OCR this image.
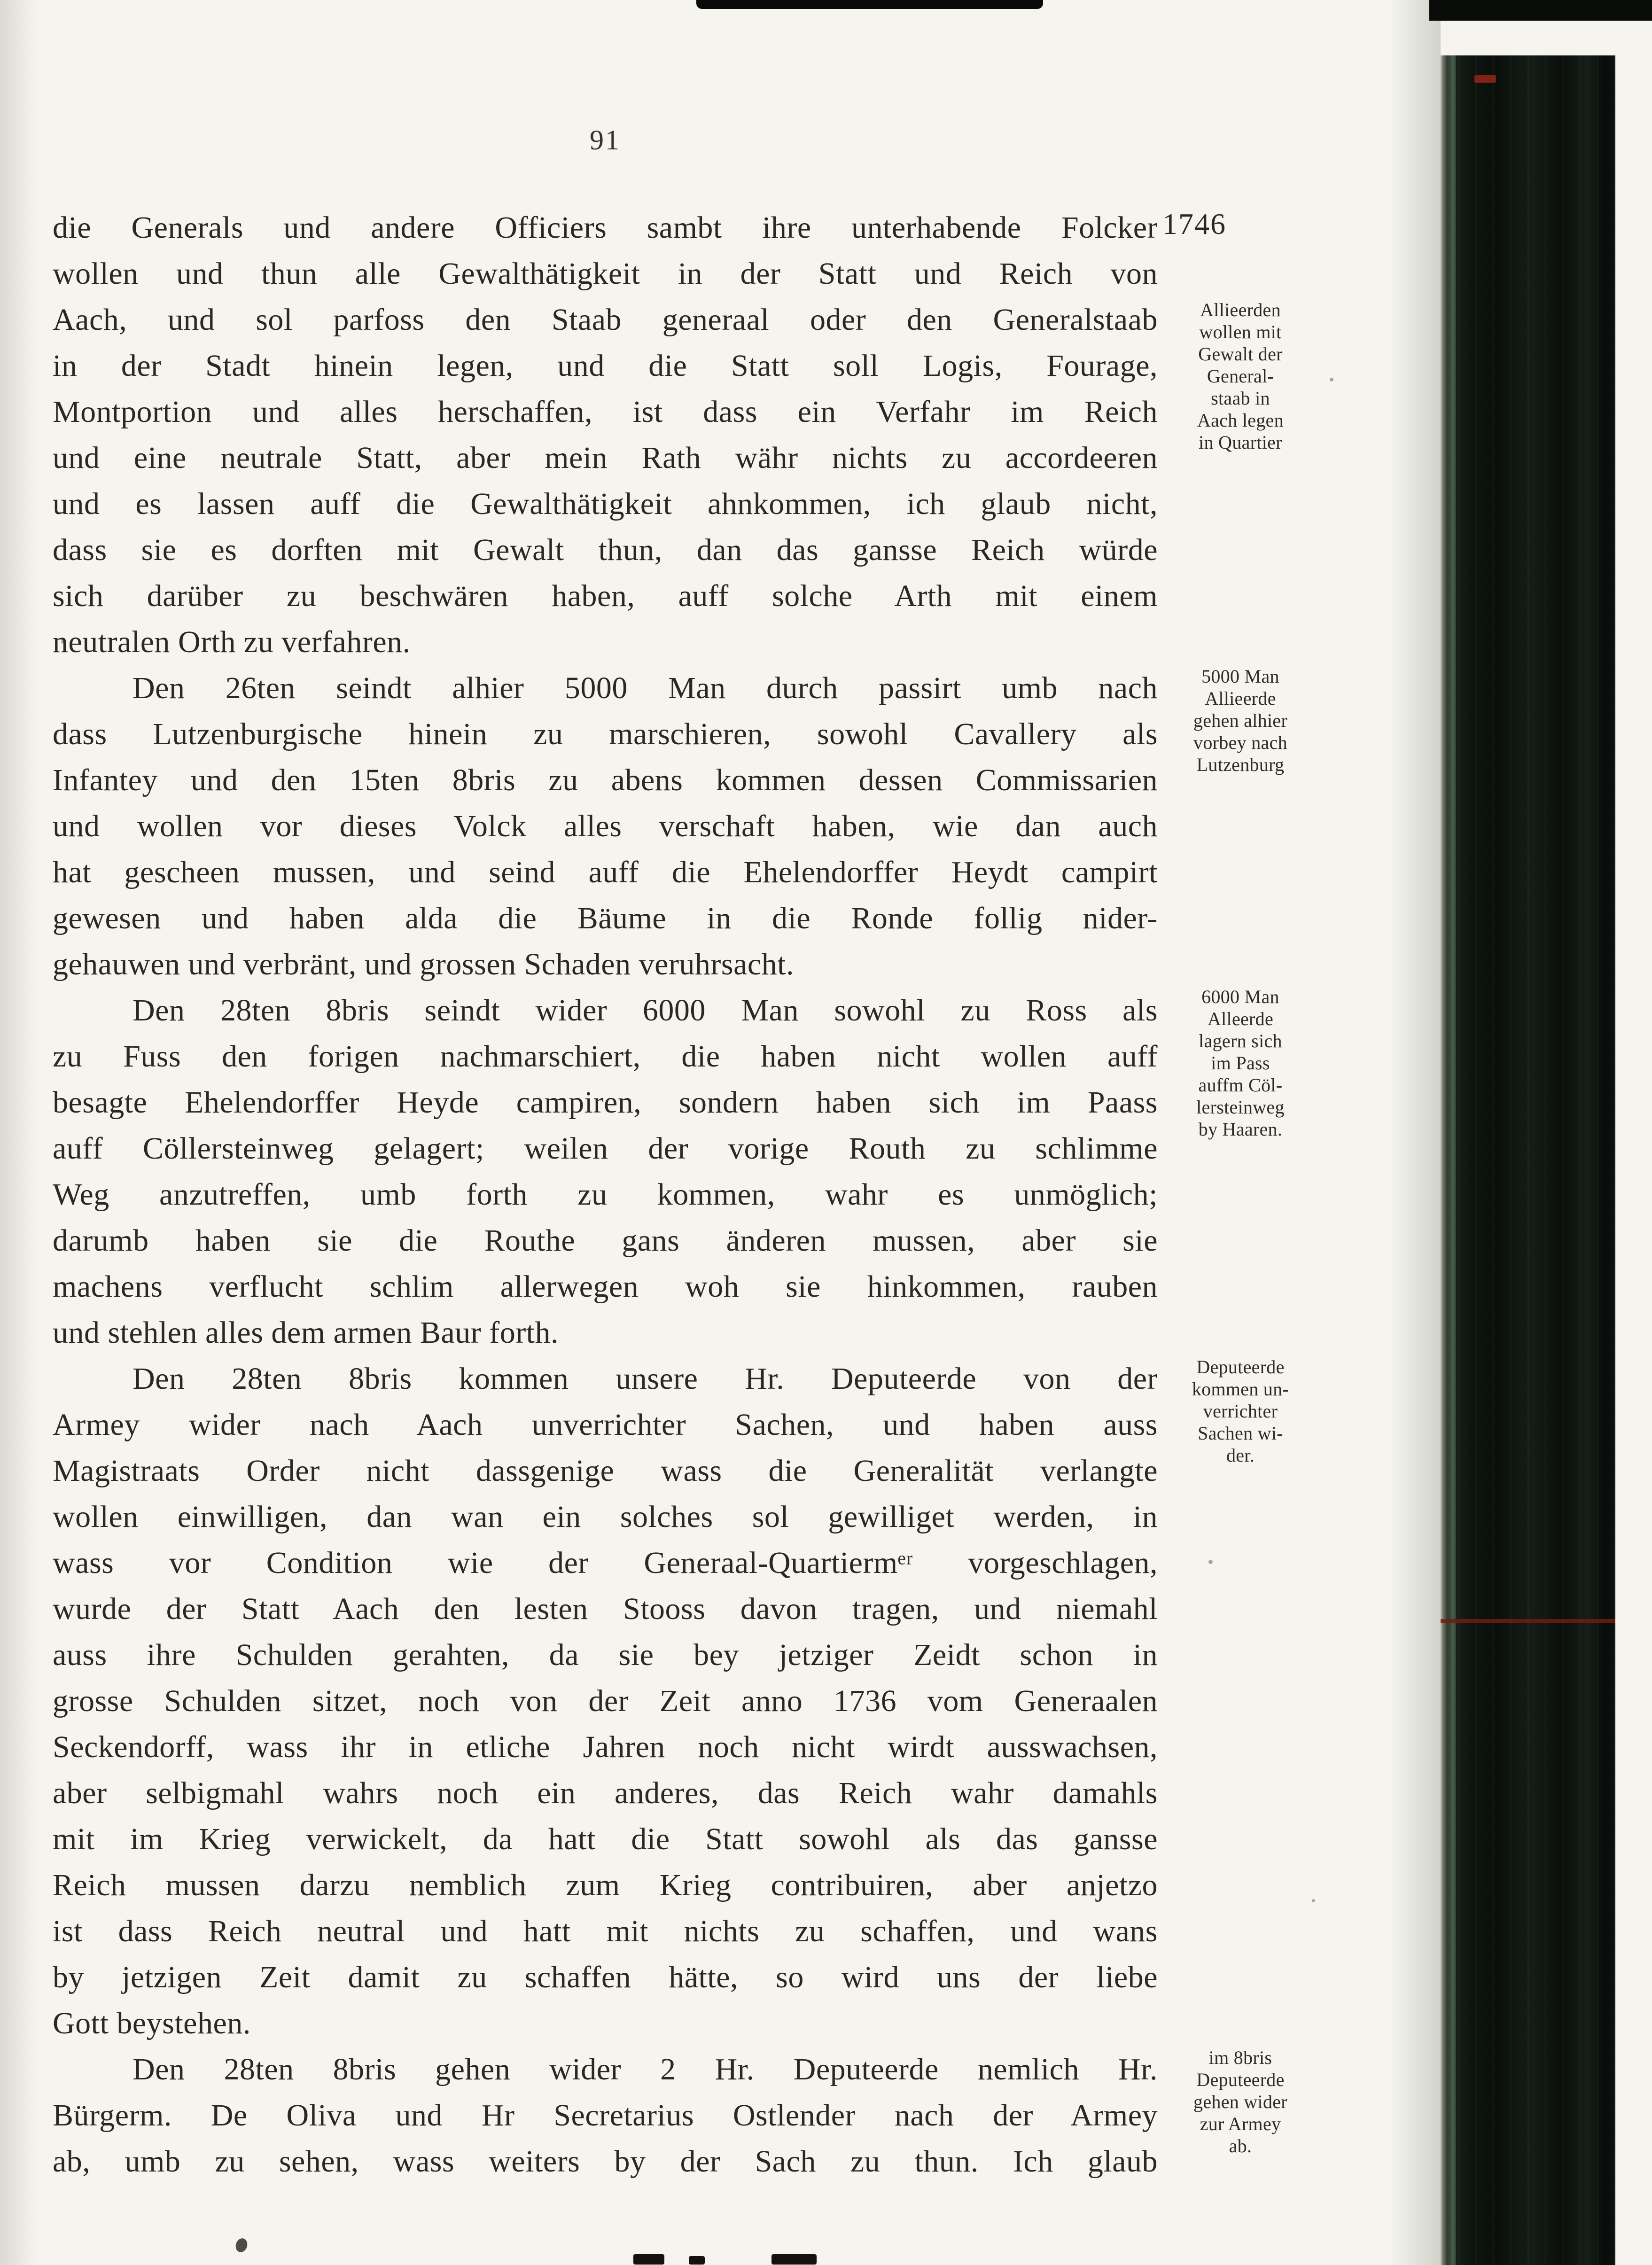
91
1746
die Generals und andere Officiers sambt ihre unterhabende Folcker
wollen und thun alle Gewalthätigkeit in der Statt und Reich von
Aach, und sol parfoss den Staab generaal oder den Generalstaab
in der Stadt hinein legen, und die Statt soll Logis, Fourage,
Montportion und alles herschaffen, ist dass ein Verfahr im Reich
und eine neutrale Statt, aber mein Rath währ nichts zu accordeeren
und es lassen auff die Gewalthätigkeit ahnkommen, ich glaub nicht,
dass sie es dorften mit Gewalt thun, dan das gansse Reich würde
sich darüber zu beschwären haben, auff solche Arth mit einem
neutralen Orth zu verfahren.
Den 26ten seindt alhier 5000 Man durch passirt umb nach
dass Lutzenburgische hinein zu marschieren, sowohl Cavallery als
Infantey und den 15ten 8bris zu abens kommen dessen Commissarien
und wollen vor dieses Volck alles verschaft haben, wie dan auch
hat gescheen mussen, und seind auff die Ehelendorffer Heydt campirt
gewesen und haben alda die Bäume in die Ronde follig nider-
gehauwen und verbränt, und grossen Schaden veruhrsacht.
Den 28ten 8bris seindt wider 6000 Man sowohl zu Ross als
zu Fuss den forigen nachmarschiert, die haben nicht wollen auff
besagte Ehelendorffer Heyde campiren, sondern haben sich im Paass
auff Cöllersteinweg gelagert; weilen der vorige Routh zu schlimme
Weg anzutreffen, umb forth zu kommen, wahr es unmöglich;
darumb haben sie die Routhe gans änderen mussen, aber sie
machens verflucht schlim allerwegen woh sie hinkommen, rauben
und stehlen alles dem armen Baur forth.
Den 28ten 8bris kommen unsere Hr. Deputeerde von der
Armey wider nach Aach unverrichter Sachen, und haben auss
Magistraats Order nicht dassgenige wass die Generalität verlangte
wollen einwilligen, dan wan ein solches sol gewilliget werden, in
wass vor Condition wie der Generaal-Quartiermᵉʳ vorgeschlagen,
wurde der Statt Aach den lesten Stooss davon tragen, und niemahl
auss ihre Schulden gerahten, da sie bey jetziger Zeidt schon in
grosse Schulden sitzet, noch von der Zeit anno 1736 vom Generaalen
Seckendorff, wass ihr in etliche Jahren noch nicht wirdt ausswachsen,
aber selbigmahl wahrs noch ein anderes, das Reich wahr damahls
mit im Krieg verwickelt, da hatt die Statt sowohl als das gansse
Reich mussen darzu nemblich zum Krieg contribuiren, aber anjetzo
ist dass Reich neutral und hatt mit nichts zu schaffen, und wans
by jetzigen Zeit damit zu schaffen hätte, so wird uns der liebe
Gott beystehen.
Den 28ten 8bris gehen wider 2 Hr. Deputeerde nemlich Hr.
Bürgerm. De Oliva und Hr Secretarius Ostlender nach der Armey
ab, umb zu sehen, wass weiters by der Sach zu thun. Ich glaub
Allieerden
wollen mit
Gewalt der
General-
staab in
Aach legen
in Quartier
5000 Man
Allieerde
gehen alhier
vorbey nach
Lutzenburg
6000 Man
Alleerde
lagern sich
im Pass
auffm Cöl-
lersteinweg
by Haaren.
Deputeerde
kommen un-
verrichter
Sachen wi-
der.
im 8bris
Deputeerde
gehen wider
zur Armey
ab.
